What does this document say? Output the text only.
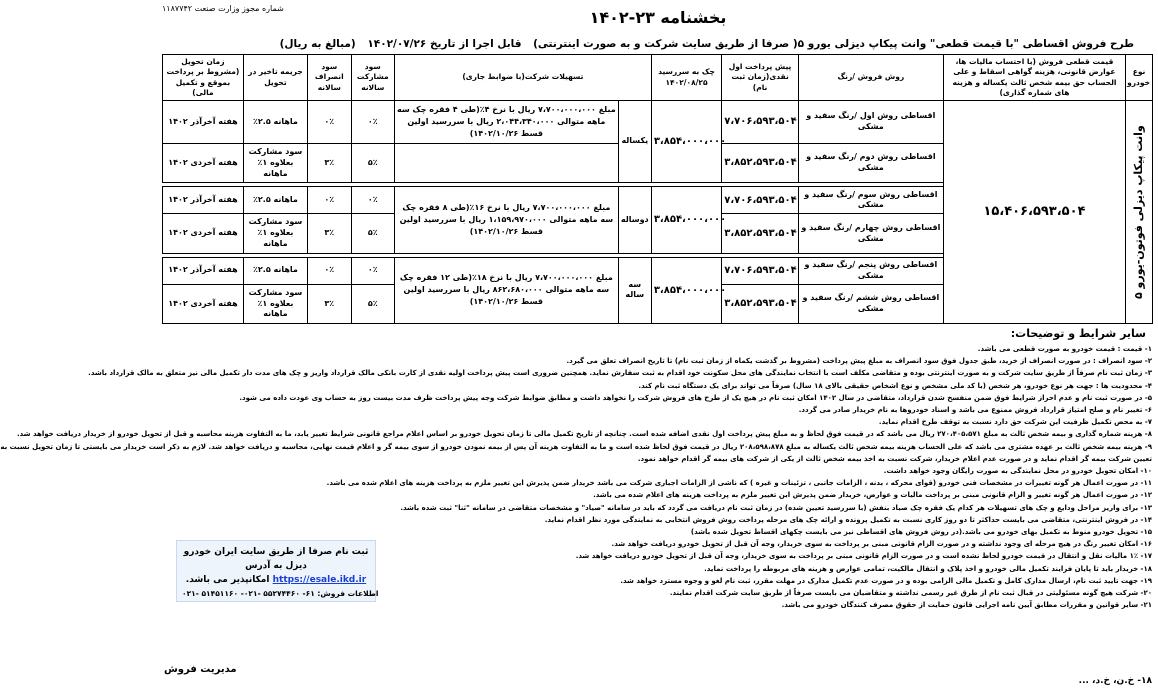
شماره مجوز وزارت صنعت ۱۱۸۷۷۴۲	بخشنامه ۲۳-۱۴۰۲
طرح فروش اقساطی "با قیمت قطعی" وانت پیکاپ دیزلی یورو ۵( صرفا از طریق سایت شرکت و به صورت اینترنتی) قابل اجرا از تاریخ ۱۴۰۲/۰۷/۲۶ (مبالغ به ریال)
نوع خودرو	قیمت قطعی فروش (با احتساب مالیات ها، عوارض قانونی، هزینه گواهی اسقاط و علی الحساب حق بیمه شخص ثالث یکساله و هزینه های شماره گذاری)	روش فروش /رنگ	پیش پرداخت اول نقدی(زمان ثبت نام)	چک به سررسید ۱۴۰۲/۰۸/۲۵	تسهیلات شرکت(با ضوابط جاری)		سود مشارکت سالانه	سود انصراف سالانه	جریمه تاخیر در تحویل	زمان تحویل (مشروط بر پرداخت بموقع و تکمیل مالی)
وانت پیکاپ دیزلی فوتون-یورو ۵	۱۵،۴۰۶،۵۹۳،۵۰۴	اقساطی روش اول /رنگ سفید و مشکی	۷،۷۰۶،۵۹۳،۵۰۴	۳،۸۵۴،۰۰۰،۰۰۰	یکساله	مبلغ ۷،۷۰۰،۰۰۰،۰۰۰ ریال با نرخ ۴٪(طی ۴ فقره چک سه ماهه متوالی ۲،۰۴۴،۳۴۰،۰۰۰ ریال با سررسید اولین قسط ۱۴۰۲/۱۰/۲۶)	۰٪	۰٪	ماهانه ۲.۵٪	هفته آخرآذر ۱۴۰۲
		اقساطی روش دوم /رنگ سفید و مشکی	۳،۸۵۲،۵۹۳،۵۰۴				۵٪	۳٪	سود مشارکت بعلاوه ۱٪ ماهانه	هفته آخردی ۱۴۰۲

		اقساطی روش سوم /رنگ سفید و مشکی	۷،۷۰۶،۵۹۳،۵۰۴	۳،۸۵۴،۰۰۰،۰۰۰	دوساله	مبلغ ۷،۷۰۰،۰۰۰،۰۰۰ ریال با نرخ ۱۶٪(طی ۸ فقره چک سه ماهه متوالی ۱،۱۵۹،۹۷۰،۰۰۰ ریال با سررسید اولین قسط ۱۴۰۲/۱۰/۲۶)	۰٪	۰٪	ماهانه ۲.۵٪	هفته آخرآذر ۱۴۰۲
		اقساطی روش چهارم /رنگ سفید و مشکی	۳،۸۵۲،۵۹۳،۵۰۴				۵٪	۳٪	سود مشارکت بعلاوه ۱٪ ماهانه	هفته آخردی ۱۴۰۲

		اقساطی روش پنجم /رنگ سفید و مشکی	۷،۷۰۶،۵۹۳،۵۰۴	۳،۸۵۴،۰۰۰،۰۰۰	سه ساله	مبلغ ۷،۷۰۰،۰۰۰،۰۰۰ ریال با نرخ ۱۸٪(طی ۱۲ فقره چک سه ماهه متوالی ۸۶۲،۶۸۰،۰۰۰ ریال با سررسید اولین قسط ۱۴۰۲/۱۰/۲۶)	۰٪	۰٪	ماهانه ۲.۵٪	هفته آخرآذر ۱۴۰۲
		اقساطی روش ششم /رنگ سفید و مشکی	۳،۸۵۲،۵۹۳،۵۰۴				۵٪	۳٪	سود مشارکت بعلاوه ۱٪ ماهانه	هفته آخردی ۱۴۰۲
سایر شرایط و توضیحات:
۱- قیمت : قیمت خودرو به صورت قطعی می باشد.
۲- سود انصراف : در صورت انصراف از خرید، طبق جدول فوق سود انصراف به مبلغ پیش پرداخت (مشروط بر گذشت یکماه از زمان ثبت نام) تا تاریخ انصراف تعلق می گیرد.
۳- زمان ثبت نام صرفاً از طریق سایت شرکت و به صورت اینترنتی بوده و متقاضی مکلف است با انتخاب نمایندگی های محل سکونت خود اقدام به ثبت سفارش نماید. همچنین ضروری است پیش پرداخت اولیه نقدی از کارت بانکی مالک قرارداد واریز و چک های مدت دار تکمیل مالی نیز متعلق به مالک قرارداد باشد.
۴- محدودیت ها : جهت هر نوع خودرو، هر شخص (با کد ملی مشخص و نوع اشخاص حقیقی بالای ۱۸ سال) صرفاً می تواند برای یک دستگاه ثبت نام کند.
۵- در صورت ثبت نام و عدم احراز شرایط فوق ضمن منفسخ شدن قرارداد، متقاضی در سال ۱۴۰۲ امکان ثبت نام در هیچ یک از طرح های فروش شرکت را نخواهد داشت و مطابق ضوابط شرکت وجه پیش پرداخت ظرف مدت بیست روز به حساب وی عودت داده می شود.
۶- تغییر نام و صلح امتیاز قرارداد فروش ممنوع می باشد و اسناد خودروها به نام خریدار صادر می گردد.
۷- به محض تکمیل ظرفیت این شرکت حق دارد نسبت به توقف طرح اقدام نماید.
۸- هزینه شماره گذاری و بیمه شخص ثالث به مبلغ ۲۷۰،۴۰۵،۵۷۱ ریال می باشد که در قیمت فوق لحاظ و به مبلغ پیش پرداخت اول نقدی اضافه شده است. چنانچه از تاریخ تکمیل مالی تا زمان تحویل خودرو بر اساس اعلام مراجع قانونی شرایط تغییر یابد، ما به التفاوت هزینه محاسبه و قبل از تحویل خودرو از خریدار دریافت خواهد شد.
۹- هزینه بیمه شخص ثالث بر عهده مشتری می باشد که علی الحساب هزینه بیمه شخص ثالث یکساله به مبلغ ۲۰۸،۵۹۸،۸۷۸ ریال در قیمت فوق لحاظ شده است و ما به التفاوت هزینه آن پس از بیمه نمودن خودرو از سوی بیمه گر و اعلام قیمت نهایی، محاسبه و دریافت خواهد شد. لازم به ذکر است خریدار می بایستی تا زمان تحویل نسبت به
تعیین شرکت بیمه گر اقدام نماید و در صورت عدم اعلام خریدار، شرکت نسبت به اخذ بیمه شخص ثالث از یکی از شرکت های بیمه گر اقدام خواهد نمود.
۱۰- امکان تحویل خودرو در محل نمایندگی به صورت رایگان وجود خواهد داشت.
۱۱- در صورت اعمال هر گونه تغییرات در مشخصات فنی خودرو (قوای محرکه ، بدنه ، الزامات جانبی ، تزئینات و غیره ) که ناشی از الزامات اجباری شرکت می باشد خریدار ضمن پذیرش این تغییر ملزم به پرداخت هزینه های اعلام شده می باشد.
۱۲- در صورت اعمال هر گونه تغییر و الزام قانونی مبنی بر پرداخت مالیات و عوارض، خریدار ضمن پذیرش این تغییر ملزم به پرداخت هزینه های اعلام شده می باشد.
۱۳- برای واریز مراحل ودایع و چک های تسهیلات هر کدام یک فقره چک صیاد بنفش (با سررسید تعیین شده) در زمان ثبت نام دریافت می گردد که باید در سامانه "صیاد" و مشخصات متقاضی در سامانه "ثنا" ثبت شده باشد.
۱۴- در فروش اینترنتی، متقاضی می بایست حداکثر تا دو روز کاری نسبت به تکمیل پرونده و ارائه چک های مرحله پرداخت روش فروش انتخابی به نمایندگی مورد نظر اقدام نماید.
۱۵- تحویل خودرو منوط به تکمیل بهای خودرو می باشد.(در روش فروش های اقساطی نیز می بایست چکهای اقساط تحویل شده باشد)
۱۶- امکان تغییر رنگ در هیچ مرحله ای وجود نداشته و در صورت الزام قانونی مبنی بر پرداخت به سوی خریدار، وجه آن قبل از تحویل خودرو دریافت خواهد شد.
۱۷- ۱٪ مالیات نقل و انتقال در قیمت خودرو لحاظ نشده است و در صورت الزام قانونی مبنی بر پرداخت به سوی خریدار، وجه آن قبل از تحویل خودرو دریافت خواهد شد.
۱۸- خریدار باید تا پایان فرایند تکمیل مالی خودرو و اخذ پلاک و انتقال مالکیت، تمامی عوارض و هزینه های مربوطه را پرداخت نماید.
۱۹- جهت تایید ثبت نام، ارسال مدارک کامل و تکمیل مالی الزامی بوده و در صورت عدم تکمیل مدارک در مهلت مقرر، ثبت نام لغو و وجوه مسترد خواهد شد.
۲۰- شرکت هیچ گونه مسئولیتی در قبال ثبت نام از طرق غیر رسمی نداشته و متقاضیان می بایست صرفاً از طریق سایت شرکت اقدام نمایند.
۲۱- سایر قوانین و مقررات مطابق آیین نامه اجرایی قانون حمایت از حقوق مصرف کنندگان خودرو می باشد.
ثبت نام صرفا از طریق سایت ایران خودرو دیزل به آدرس
https://esale.ikd.ir امکانپذیر می باشد.
اطلاعات فروش: ۶۱- ۵۵۲۷۴۴۶۰ -۰۲۱- ۵۱۴۵۱۱۶۰ -۰۲۱
۱۸- خ.ن، خ.د، ...
مدیریت فروش
